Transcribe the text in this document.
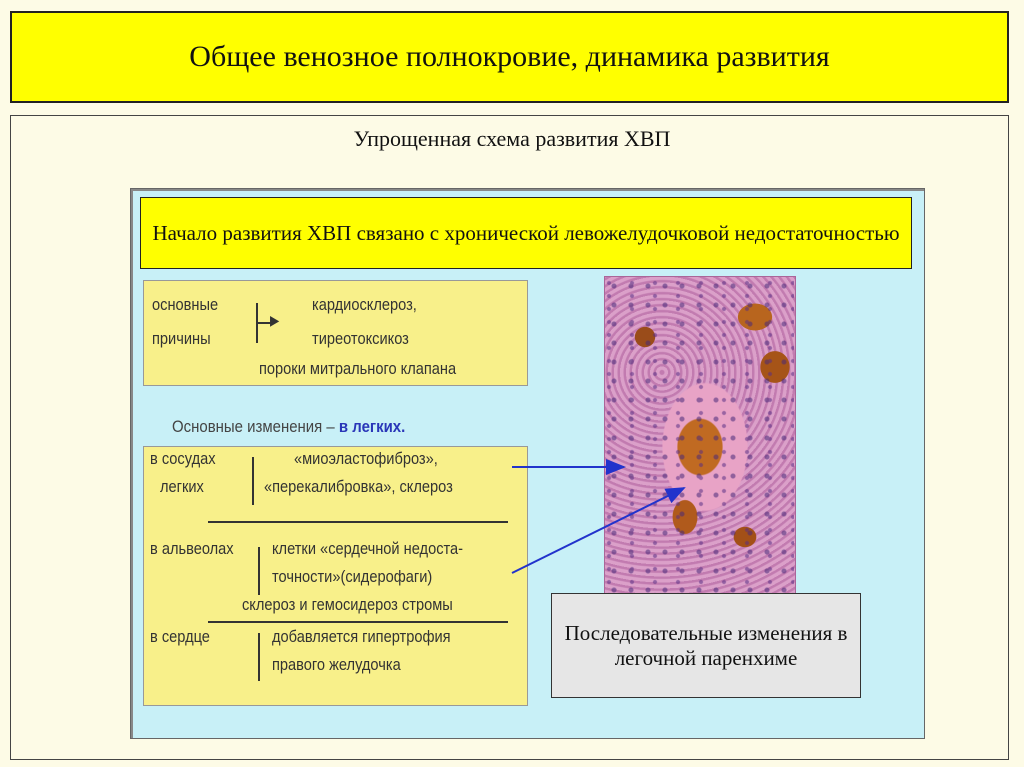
Общее венозное полнокровие, динамика развития
Упрощенная схема развития ХВП
Начало развития ХВП связано с хронической левожелудочковой недостаточностью
основные
причины
▶
кардиосклероз,
тиреотоксикоз
пороки митрального клапана
Основные изменения – в легких.
в сосудах
легких
«миоэластофиброз»,
«перекалибровка», склероз
в альвеолах клетки «сердечной недоста-
точности»(сидерофаги)
склероз и гемосидероз стромы
в сердце	добавляется гипертрофия
правого желудочка
Последовательные изменения в легочной паренхиме
